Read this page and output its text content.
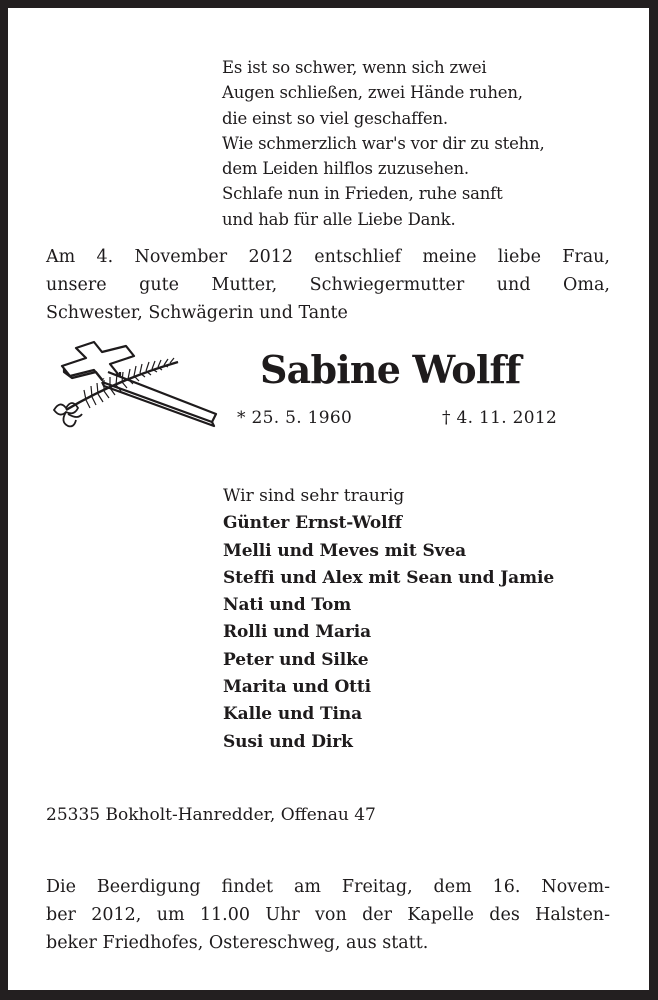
Es ist so schwer, wenn sich zwei
Augen schließen, zwei Hände ruhen,
die einst so viel geschaffen.
Wie schmerzlich war's vor dir zu stehn,
dem Leiden hilflos zuzusehen.
Schlafe nun in Frieden, ruhe sanft
und hab für alle Liebe Dank.
Am 4. November 2012 entschlief meine liebe Frau,
unsere gute Mutter, Schwiegermutter und Oma,
Schwester, Schwägerin und Tante
Sabine Wolff
* 25. 5. 1960	† 4. 11. 2012
Wir sind sehr traurig
Günter Ernst-Wolff
Melli und Meves mit Svea
Steffi und Alex mit Sean und Jamie
Nati und Tom
Rolli und Maria
Peter und Silke
Marita und Otti
Kalle und Tina
Susi und Dirk
25335 Bokholt-Hanredder, Offenau 47
Die Beerdigung findet am Freitag, dem 16. Novem-
ber 2012, um 11.00 Uhr von der Kapelle des Halsten-
beker Friedhofes, Ostereschweg, aus statt.
